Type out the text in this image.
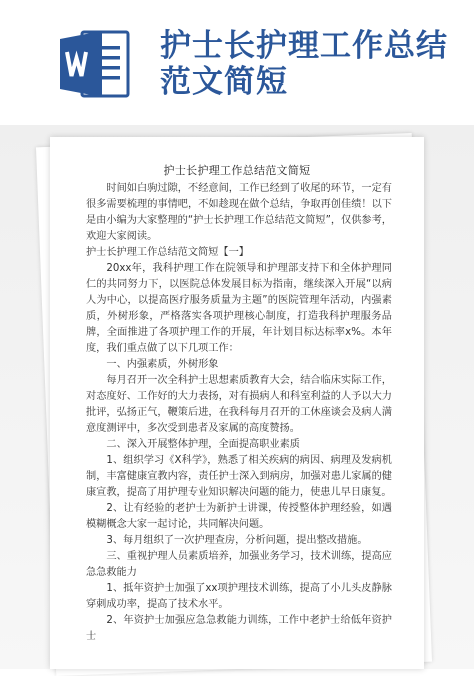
护士长护理工作总结范文简短
护士长护理工作总结范文简短

时间如白驹过隙，不经意间，工作已经到了收尾的环节，一定有很多需要梳理的事情吧，不如趁现在做个总结，争取再创佳绩！以下是由小编为大家整理的“护士长护理工作总结范文简短”，仅供参考，欢迎大家阅读。

护士长护理工作总结范文简短【一】

20xx年，我科护理工作在院领导和护理部支持下和全体护理同仁的共同努力下，以医院总体发展目标为指南，继续深入开展“以病人为中心，以提高医疗服务质量为主题”的医院管理年活动，内强素质，外树形象，严格落实各项护理核心制度，打造我科护理服务品牌，全面推进了各项护理工作的开展，年计划目标达标率x%。本年度，我们重点做了以下几项工作：

一、内强素质，外树形象

每月召开一次全科护士思想素质教育大会，结合临床实际工作，对态度好、工作好的大力表扬，对有损病人和科室利益的人予以大力批评，弘扬正气，鞭策后进，在我科每月召开的工休座谈会及病人满意度测评中，多次受到患者及家属的高度赞扬。

二、深入开展整体护理，全面提高职业素质

1、组织学习《X科学》，熟悉了相关疾病的病因、病理及发病机制，丰富健康宣教内容，责任护士深入到病房，加强对患儿家属的健康宣教，提高了用护理专业知识解决问题的能力，使患儿早日康复。

2、让有经验的老护士为新护士讲课，传授整体护理经验，如遇模糊概念大家一起讨论，共同解决问题。

3、每月组织了一次护理查房，分析问题，提出整改措施。

三、重视护理人员素质培养，加强业务学习，技术训练，提高应急急救能力

1、抵年资护士加强了xx项护理技术训练，提高了小儿头皮静脉穿刺成功率，提高了技术水平。

2、年资护士加强应急急救能力训练，工作中老护士给低年资护士
